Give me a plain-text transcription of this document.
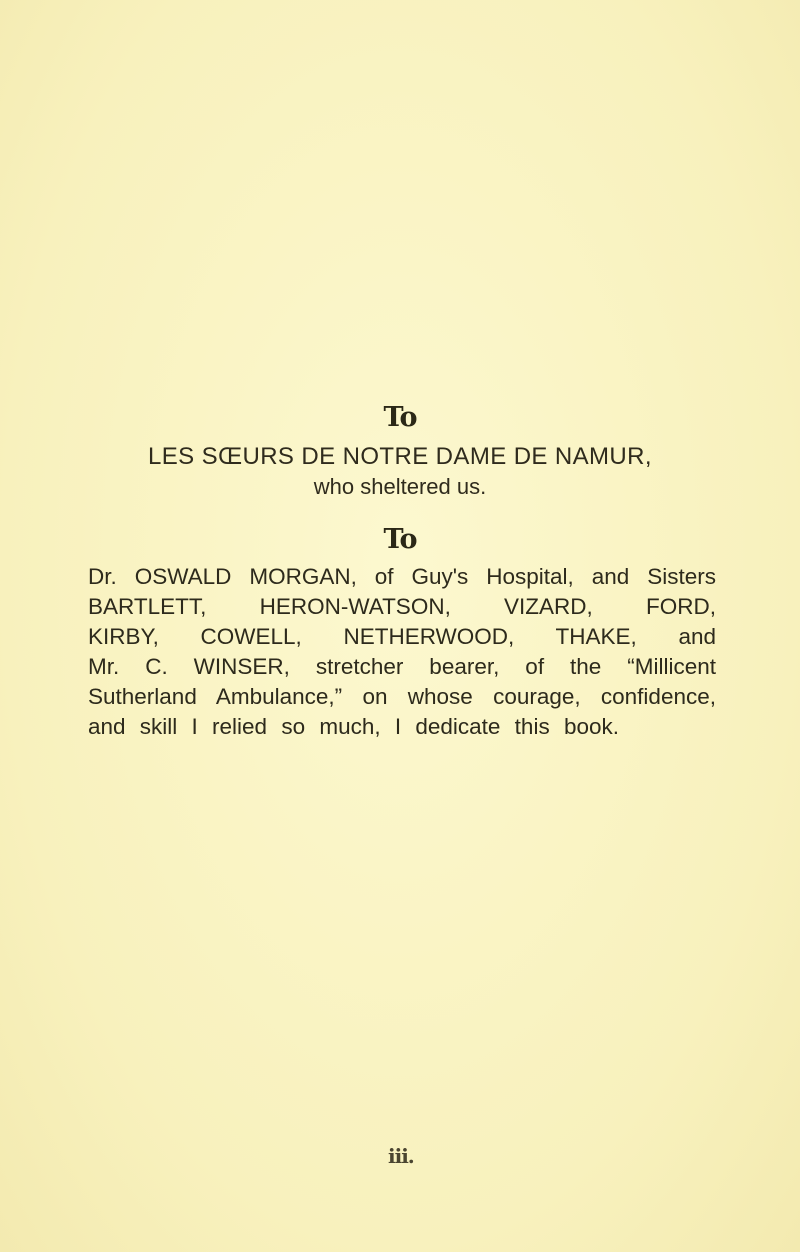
To
LES SŒURS DE NOTRE DAME DE NAMUR,
who sheltered us.
To
Dr. OSWALD MORGAN, of Guy's Hospital, and Sisters
BARTLETT, HERON-WATSON, VIZARD, FORD,
KIRBY, COWELL, NETHERWOOD, THAKE, and
Mr. C. WINSER, stretcher bearer, of the “Millicent
Sutherland Ambulance,” on whose courage, confidence,
and skill I relied so much, I dedicate this book.
iii.
